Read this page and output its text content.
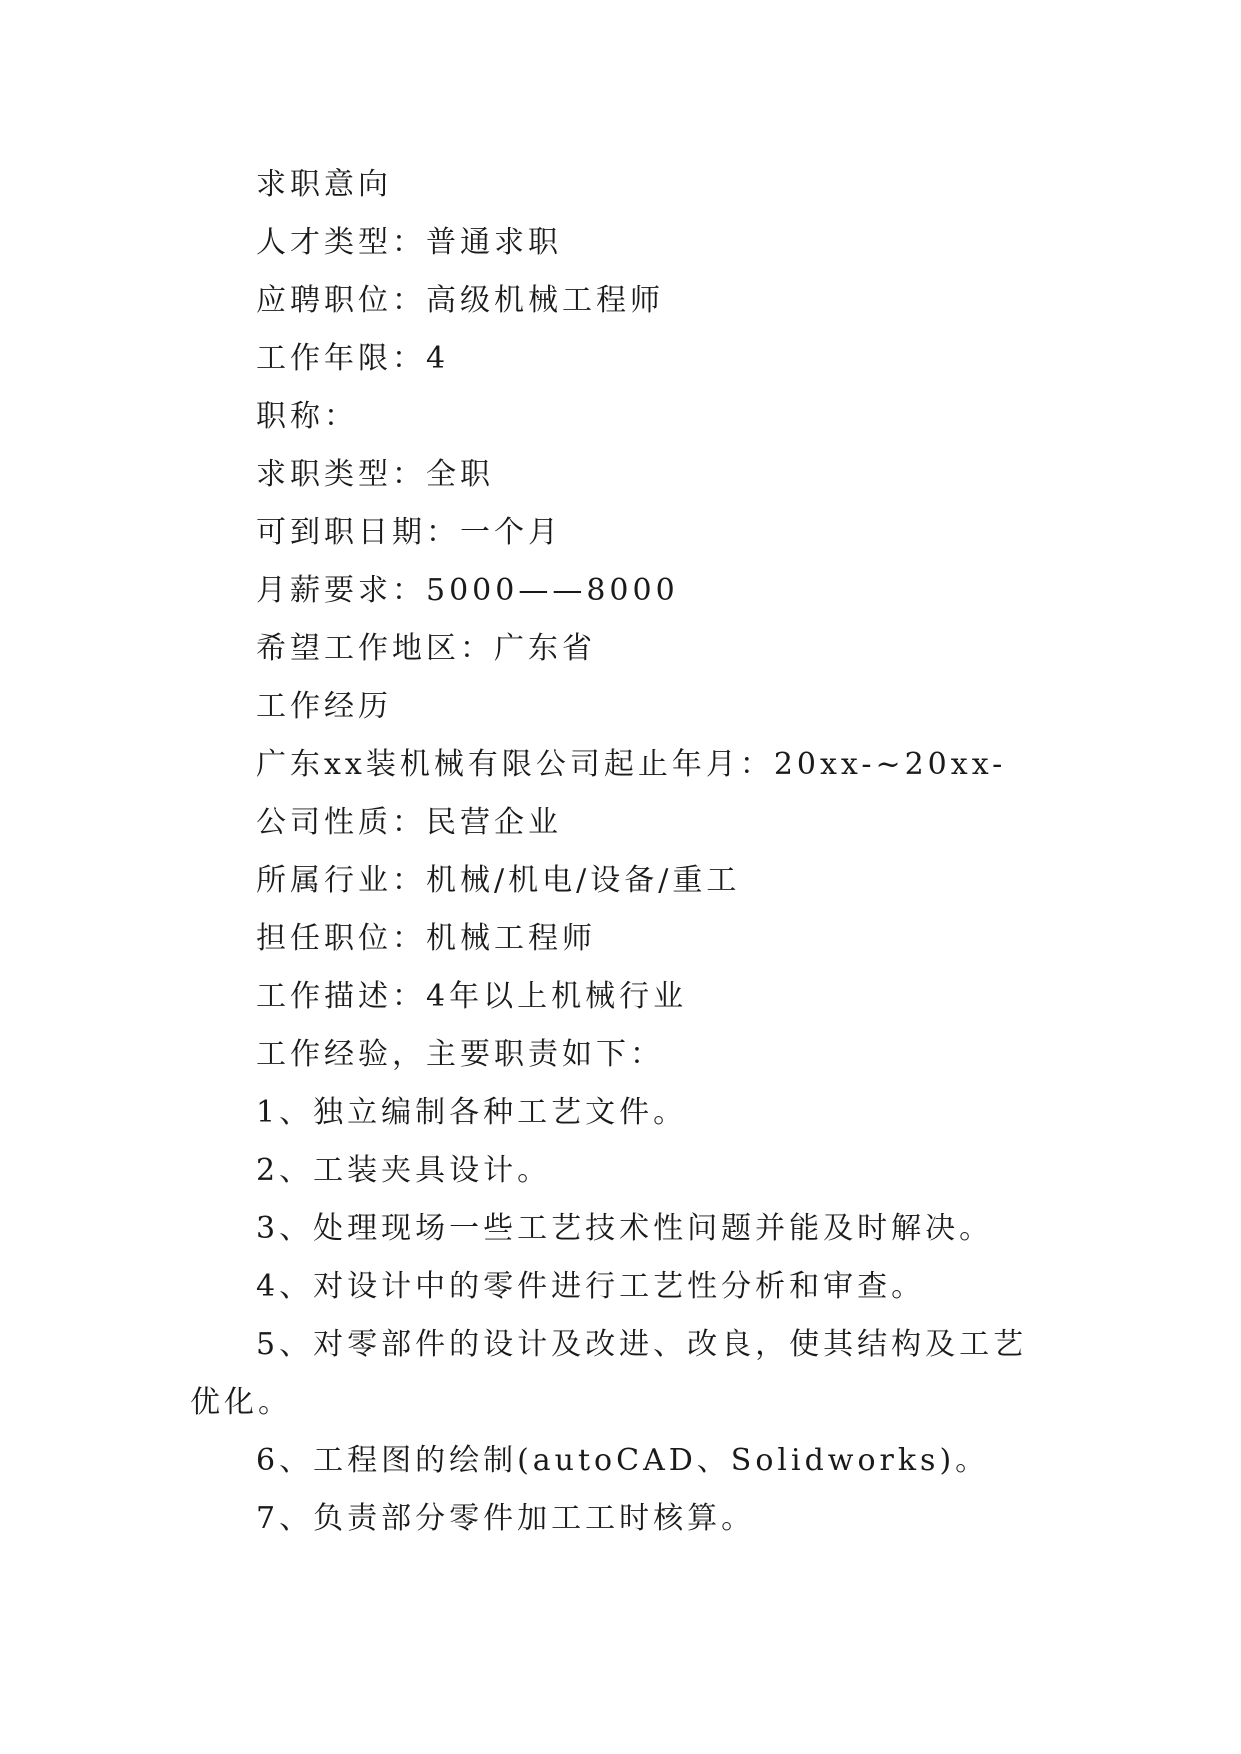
求职意向
人才类型：普通求职
应聘职位：高级机械工程师
工作年限：4
职称：
求职类型：全职
可到职日期：一个月
月薪要求：5000——8000
希望工作地区：广东省
工作经历
广东xx装机械有限公司起止年月：20xx-~20xx-
公司性质：民营企业
所属行业：机械/机电/设备/重工
担任职位：机械工程师
工作描述：4年以上机械行业
工作经验，主要职责如下：
1、独立编制各种工艺文件。
2、工装夹具设计。
3、处理现场一些工艺技术性问题并能及时解决。
4、对设计中的零件进行工艺性分析和审查。
5、对零部件的设计及改进、改良，使其结构及工艺优化。
6、工程图的绘制(autoCAD、Solidworks)。
7、负责部分零件加工工时核算。
